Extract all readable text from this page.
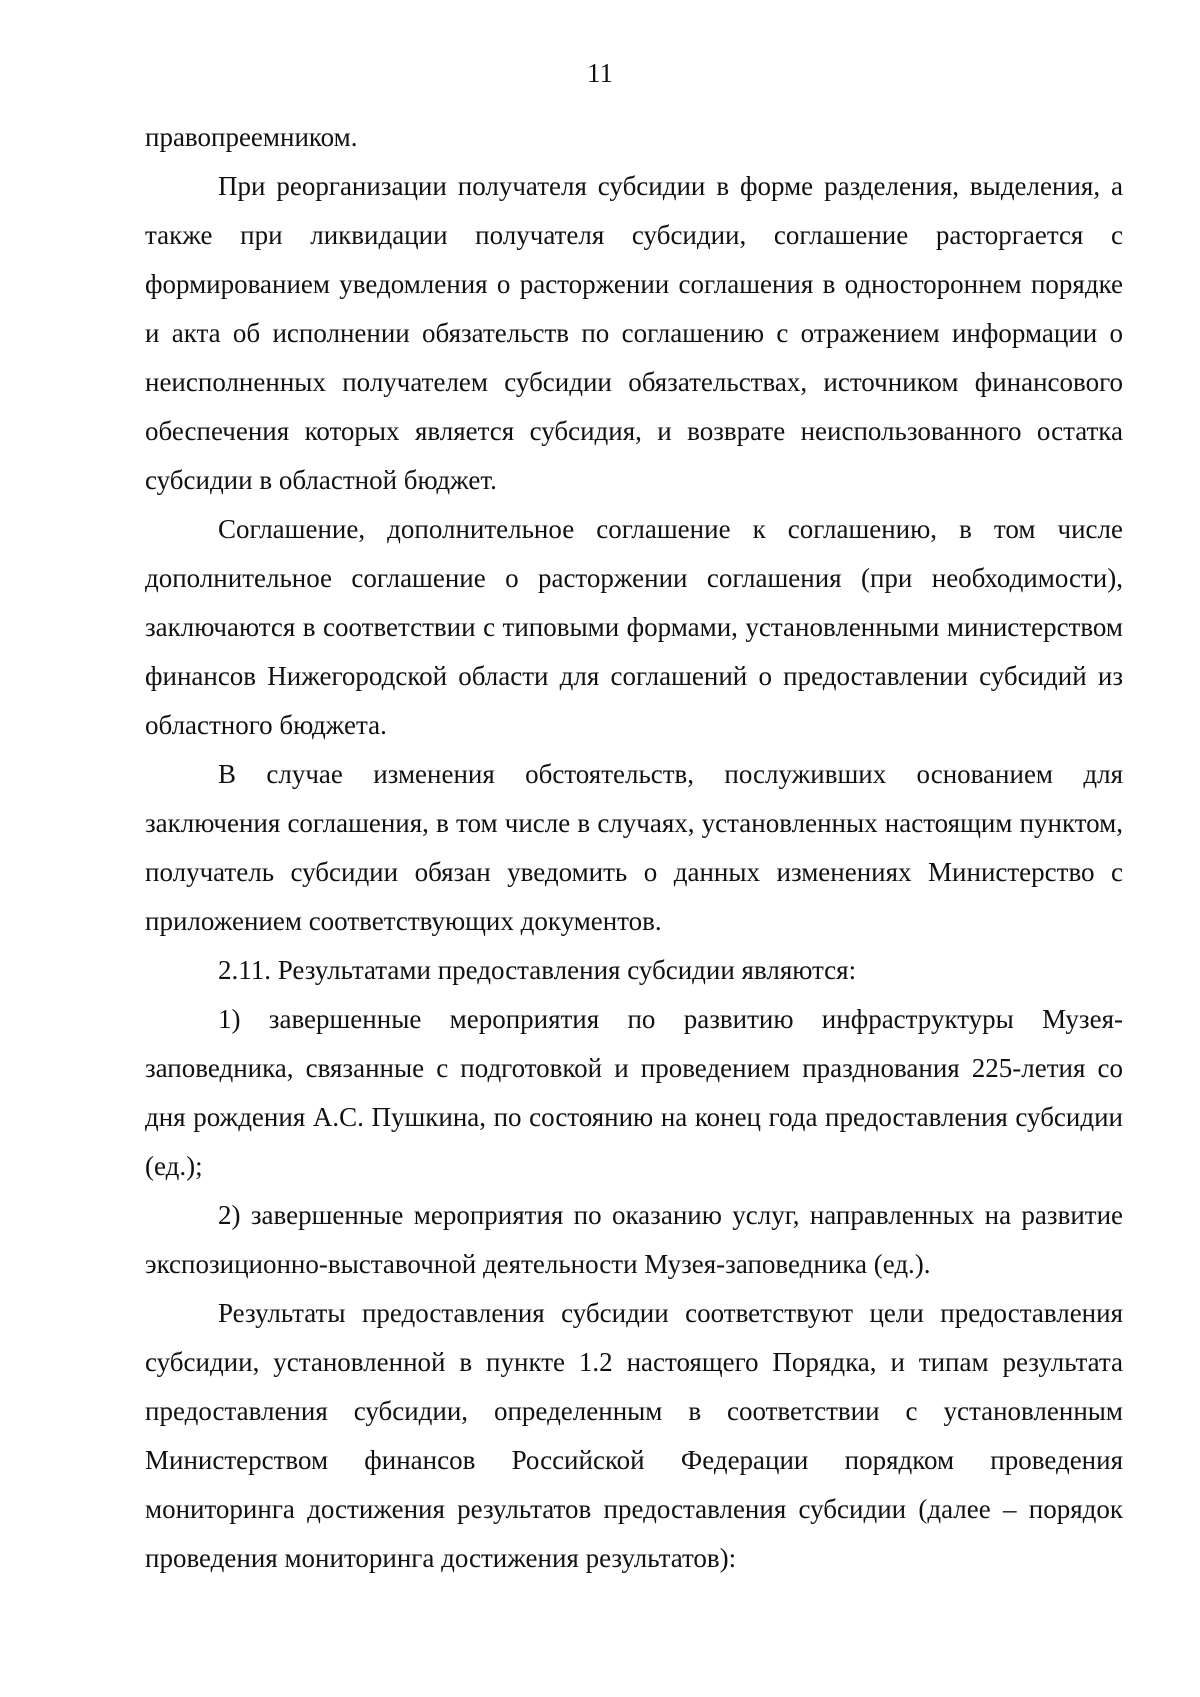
11

правопреемником.

При реорганизации получателя субсидии в форме разделения, выделения, а также при ликвидации получателя субсидии, соглашение расторгается с формированием уведомления о расторжении соглашения в одностороннем порядке и акта об исполнении обязательств по соглашению с отражением информации о неисполненных получателем субсидии обязательствах, источником финансового обеспечения которых является субсидия, и возврате неиспользованного остатка субсидии в областной бюджет.

Соглашение, дополнительное соглашение к соглашению, в том числе дополнительное соглашение о расторжении соглашения (при необходимости), заключаются в соответствии с типовыми формами, установленными министерством финансов Нижегородской области для соглашений о предоставлении субсидий из областного бюджета.

В случае изменения обстоятельств, послуживших основанием для заключения соглашения, в том числе в случаях, установленных настоящим пунктом, получатель субсидии обязан уведомить о данных изменениях Министерство с приложением соответствующих документов.

2.11. Результатами предоставления субсидии являются:

1) завершенные мероприятия по развитию инфраструктуры Музея-заповедника, связанные с подготовкой и проведением празднования 225-летия со дня рождения А.С. Пушкина, по состоянию на конец года предоставления субсидии (ед.);

2) завершенные мероприятия по оказанию услуг, направленных на развитие экспозиционно-выставочной деятельности Музея-заповедника (ед.).

Результаты предоставления субсидии соответствуют цели предоставления субсидии, установленной в пункте 1.2 настоящего Порядка, и типам результата предоставления субсидии, определенным в соответствии с установленным Министерством финансов Российской Федерации порядком проведения мониторинга достижения результатов предоставления субсидии (далее – порядок проведения мониторинга достижения результатов):
